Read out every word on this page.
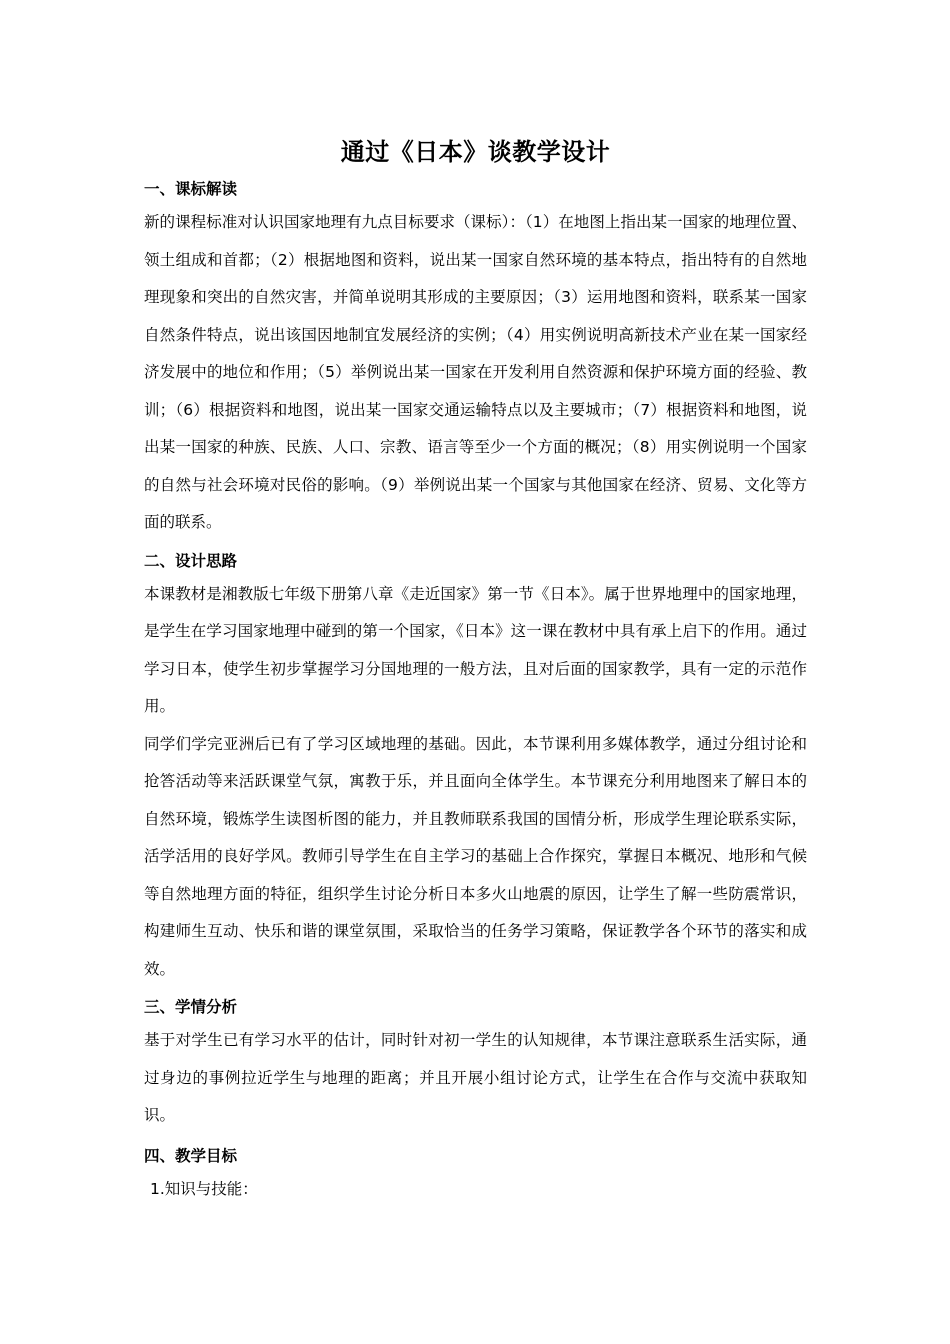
通过《日本》谈教学设计
一、课标解读

新的课程标准对认识国家地理有九点目标要求（课标）：（1）在地图上指出某一国家的地理位置、领土组成和首都；（2）根据地图和资料，说出某一国家自然环境的基本特点，指出特有的自然地理现象和突出的自然灾害，并简单说明其形成的主要原因；（3）运用地图和资料，联系某一国家自然条件特点，说出该国因地制宜发展经济的实例；（4）用实例说明高新技术产业在某一国家经济发展中的地位和作用；（5）举例说出某一国家在开发利用自然资源和保护环境方面的经验、教训；（6）根据资料和地图，说出某一国家交通运输特点以及主要城市；（7）根据资料和地图，说出某一国家的种族、民族、人口、宗教、语言等至少一个方面的概况；（8）用实例说明一个国家的自然与社会环境对民俗的影响。（9）举例说出某一个国家与其他国家在经济、贸易、文化等方面的联系。

二、设计思路

本课教材是湘教版七年级下册第八章《走近国家》第一节《日本》。属于世界地理中的国家地理，是学生在学习国家地理中碰到的第一个国家，《日本》这一课在教材中具有承上启下的作用。通过学习日本，使学生初步掌握学习分国地理的一般方法，且对后面的国家教学，具有一定的示范作用。

同学们学完亚洲后已有了学习区域地理的基础。因此，本节课利用多媒体教学，通过分组讨论和抢答活动等来活跃课堂气氛，寓教于乐，并且面向全体学生。本节课充分利用地图来了解日本的自然环境，锻炼学生读图析图的能力，并且教师联系我国的国情分析，形成学生理论联系实际，活学活用的良好学风。教师引导学生在自主学习的基础上合作探究，掌握日本概况、地形和气候等自然地理方面的特征，组织学生讨论分析日本多火山地震的原因，让学生了解一些防震常识，构建师生互动、快乐和谐的课堂氛围，采取恰当的任务学习策略，保证教学各个环节的落实和成效。

三、学情分析

基于对学生已有学习水平的估计，同时针对初一学生的认知规律，本节课注意联系生活实际，通过身边的事例拉近学生与地理的距离；并且开展小组讨论方式，让学生在合作与交流中获取知识。

四、教学目标

1.知识与技能：
